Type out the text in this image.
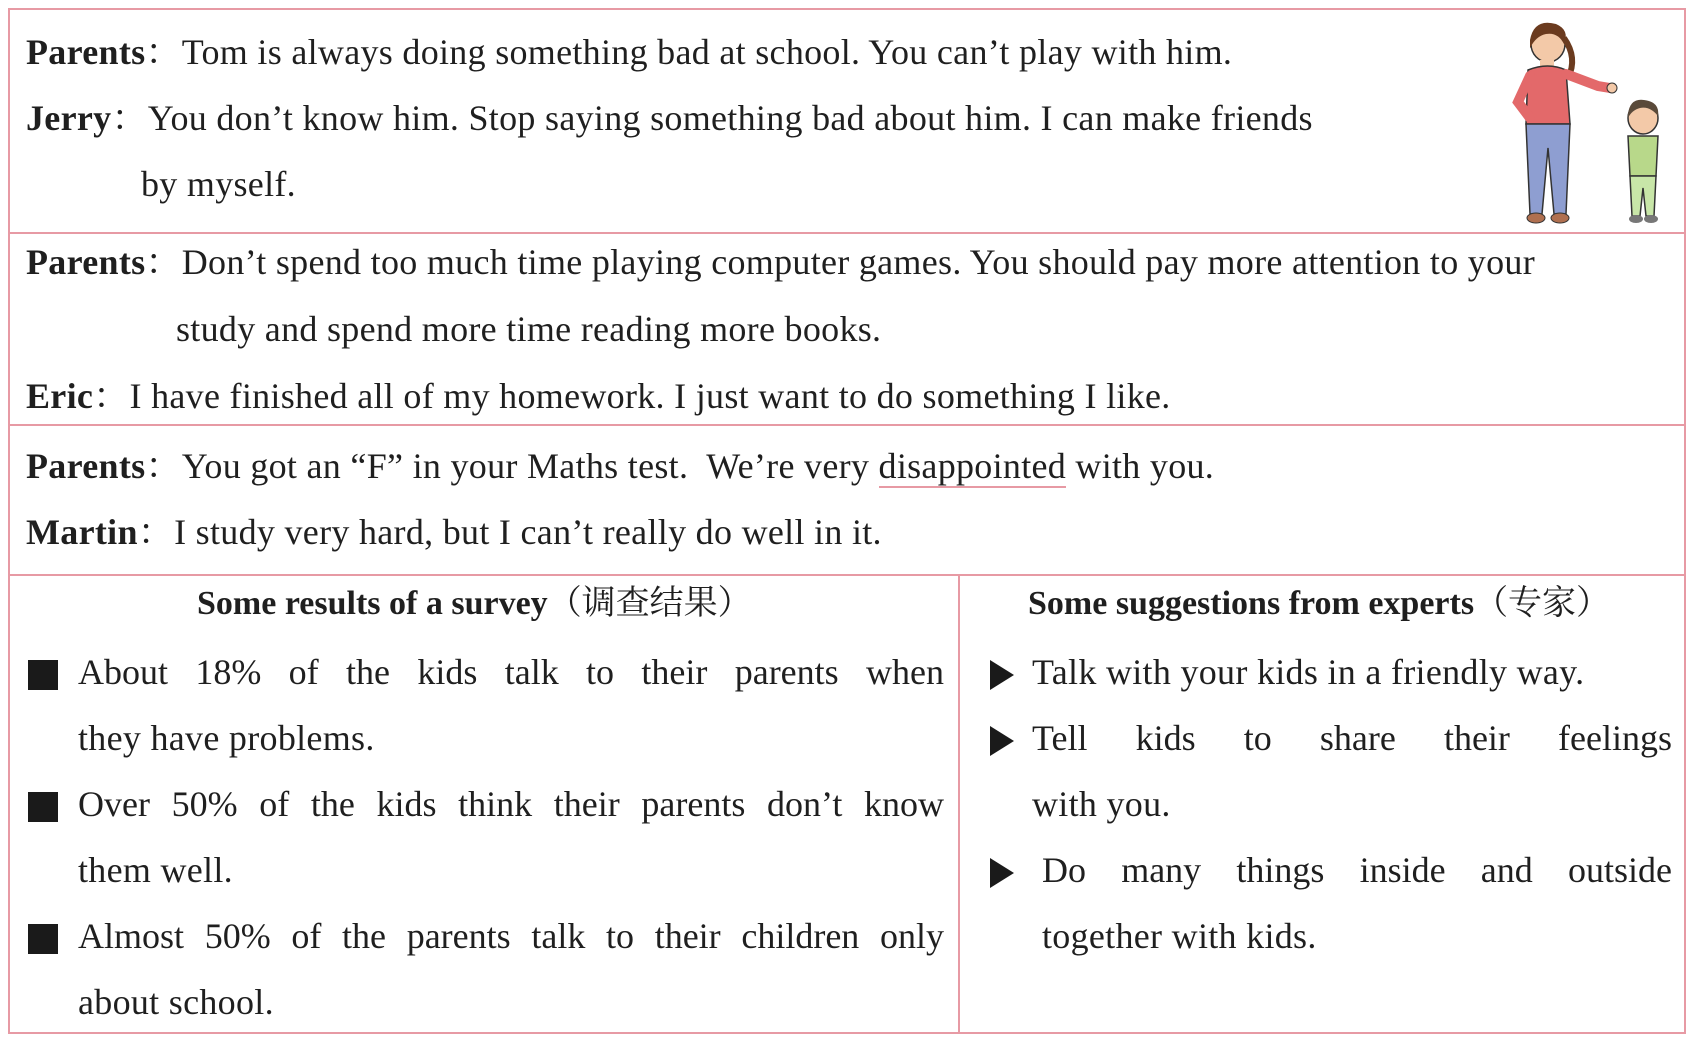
Parents：Tom is always doing something bad at school. You can’t play with him.
Jerry：You don’t know him. Stop saying something bad about him. I can make friends
by myself.
Parents：Don’t spend too much time playing computer games. You should pay more attention to your
study and spend more time reading more books.
Eric：I have finished all of my homework. I just want to do something I like.
Parents：You got an “F” in your Maths test.  We’re very disappointed with you.
Martin：I study very hard, but I can’t really do well in it.
Some results of a survey（调查结果）
About 18% of the kids talk to their parents when
they have problems.
Over 50% of the kids think their parents don’t know
them well.
Almost 50% of the parents talk to their children only
about school.
Some suggestions from experts（专家）
Talk with your kids in a friendly way.
Tell kids to share their feelings
with you.
Do many things inside and outside
together with kids.
